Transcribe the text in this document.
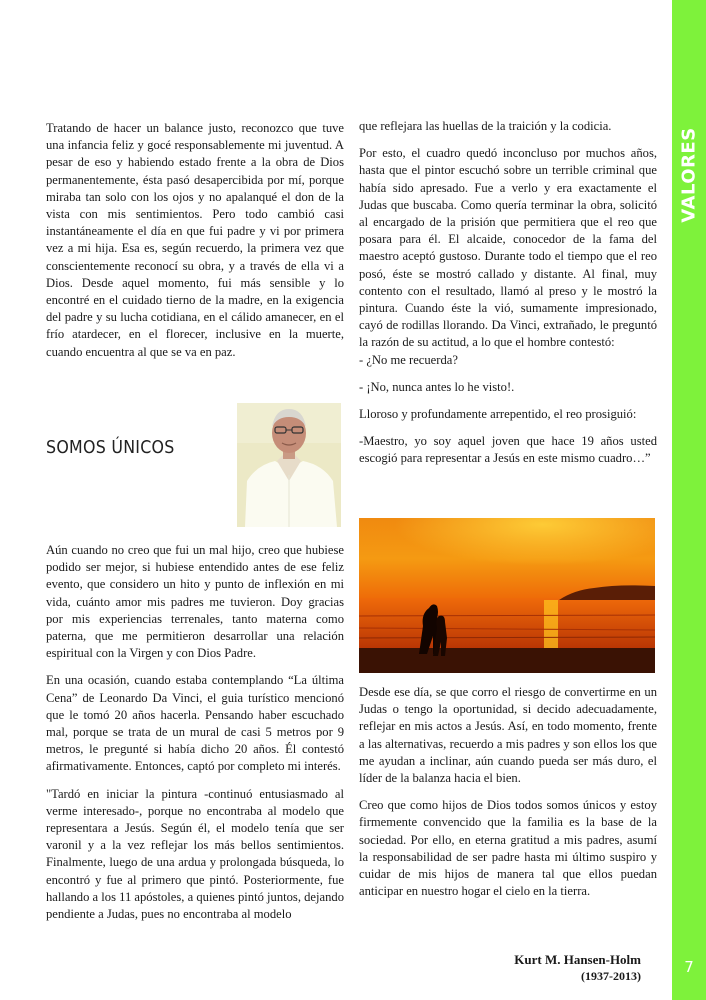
VALORES
7

Tratando de hacer un balance justo, reconozco que tuve una infancia feliz y gocé responsablemente mi juventud. A pesar de eso y habiendo estado frente a la obra de Dios permanentemente, ésta pasó desapercibida por mí, porque miraba tan solo con los ojos y no apalanqué el don de la vista con mis sentimientos. Pero todo cambió casi instantáneamente el día en que fui padre y vi por primera vez a mi hija. Esa es, según recuerdo, la primera vez que conscientemente reconocí su obra, y a través de ella vi a Dios. Desde aquel momento, fui más sensible y lo encontré en el cuidado tierno de la madre, en la exigencia del padre y su lucha cotidiana, en el cálido amanecer, en el frío atardecer, en el florecer, inclusive en la muerte, cuando encuentra al que se va en paz.

SOMOS ÚNICOS

Aún cuando no creo que fui un mal hijo, creo que hubiese podido ser mejor, si hubiese entendido antes de ese feliz evento, que considero un hito y punto de inflexión en mi vida, cuánto amor mis padres me tuvieron. Doy gracias por mis experiencias terrenales, tanto materna como paterna, que me permitieron desarrollar una relación espiritual con la Virgen y con Dios Padre.

En una ocasión, cuando estaba contemplando “La última Cena” de Leonardo Da Vinci, el guia turístico mencionó que le tomó 20 años hacerla. Pensando haber escuchado mal, porque se trata de un mural de casi 5 metros por 9 metros, le pregunté si había dicho 20 años. Él contestó afirmativamente. Entonces, captó por completo mi interés.

"Tardó en iniciar la pintura -continuó entusiasmado al verme interesado-, porque no encontraba al modelo que representara a Jesús. Según él, el modelo tenía que ser varonil y a la vez reflejar los más bellos sentimientos. Finalmente, luego de una ardua y prolongada búsqueda, lo encontró y fue al primero que pintó. Posteriormente, fue hallando a los 11 apóstoles, a quienes pintó juntos, dejando pendiente a Judas, pues no encontraba al modelo

que reflejara las huellas de la traición y la codicia.

Por esto, el cuadro quedó inconcluso por muchos años, hasta que el pintor escuchó sobre un terrible criminal que había sido apresado. Fue a verlo y era exactamente el Judas que buscaba. Como quería terminar la obra, solicitó al encargado de la prisión que permitiera que el reo que posara para él. El alcaide, conocedor de la fama del maestro aceptó gustoso. Durante todo el tiempo que el reo posó, éste se mostró callado y distante. Al final, muy contento con el resultado, llamó al preso y le mostró la pintura. Cuando éste la vió, sumamente impresionado, cayó de rodillas llorando. Da Vinci, extrañado, le preguntó la razón de su actitud, a lo que el hombre contestó:

- ¿No me recuerda?

- ¡No, nunca antes lo he visto!.

Lloroso y profundamente arrepentido, el reo prosiguió:

-Maestro, yo soy aquel joven que hace 19 años usted escogió para representar a Jesús en este mismo cuadro…”

Desde ese día, se que corro el riesgo de convertirme en un Judas o tengo la oportunidad, si decido adecuadamente, reflejar en mis actos a Jesús. Así, en todo momento, frente a las alternativas, recuerdo a mis padres y son ellos los que me ayudan a inclinar, aún cuando pueda ser más duro, el líder de la balanza hacia el bien.

Creo que como hijos de Dios todos somos únicos y estoy firmemente convencido que la familia es la base de la sociedad. Por ello, en eterna gratitud a mis padres, asumí la responsabilidad de ser padre hasta mi último suspiro y cuidar de mis hijos de manera tal que ellos puedan anticipar en nuestro hogar el cielo en la tierra.

Kurt M. Hansen-Holm
(1937-2013)
